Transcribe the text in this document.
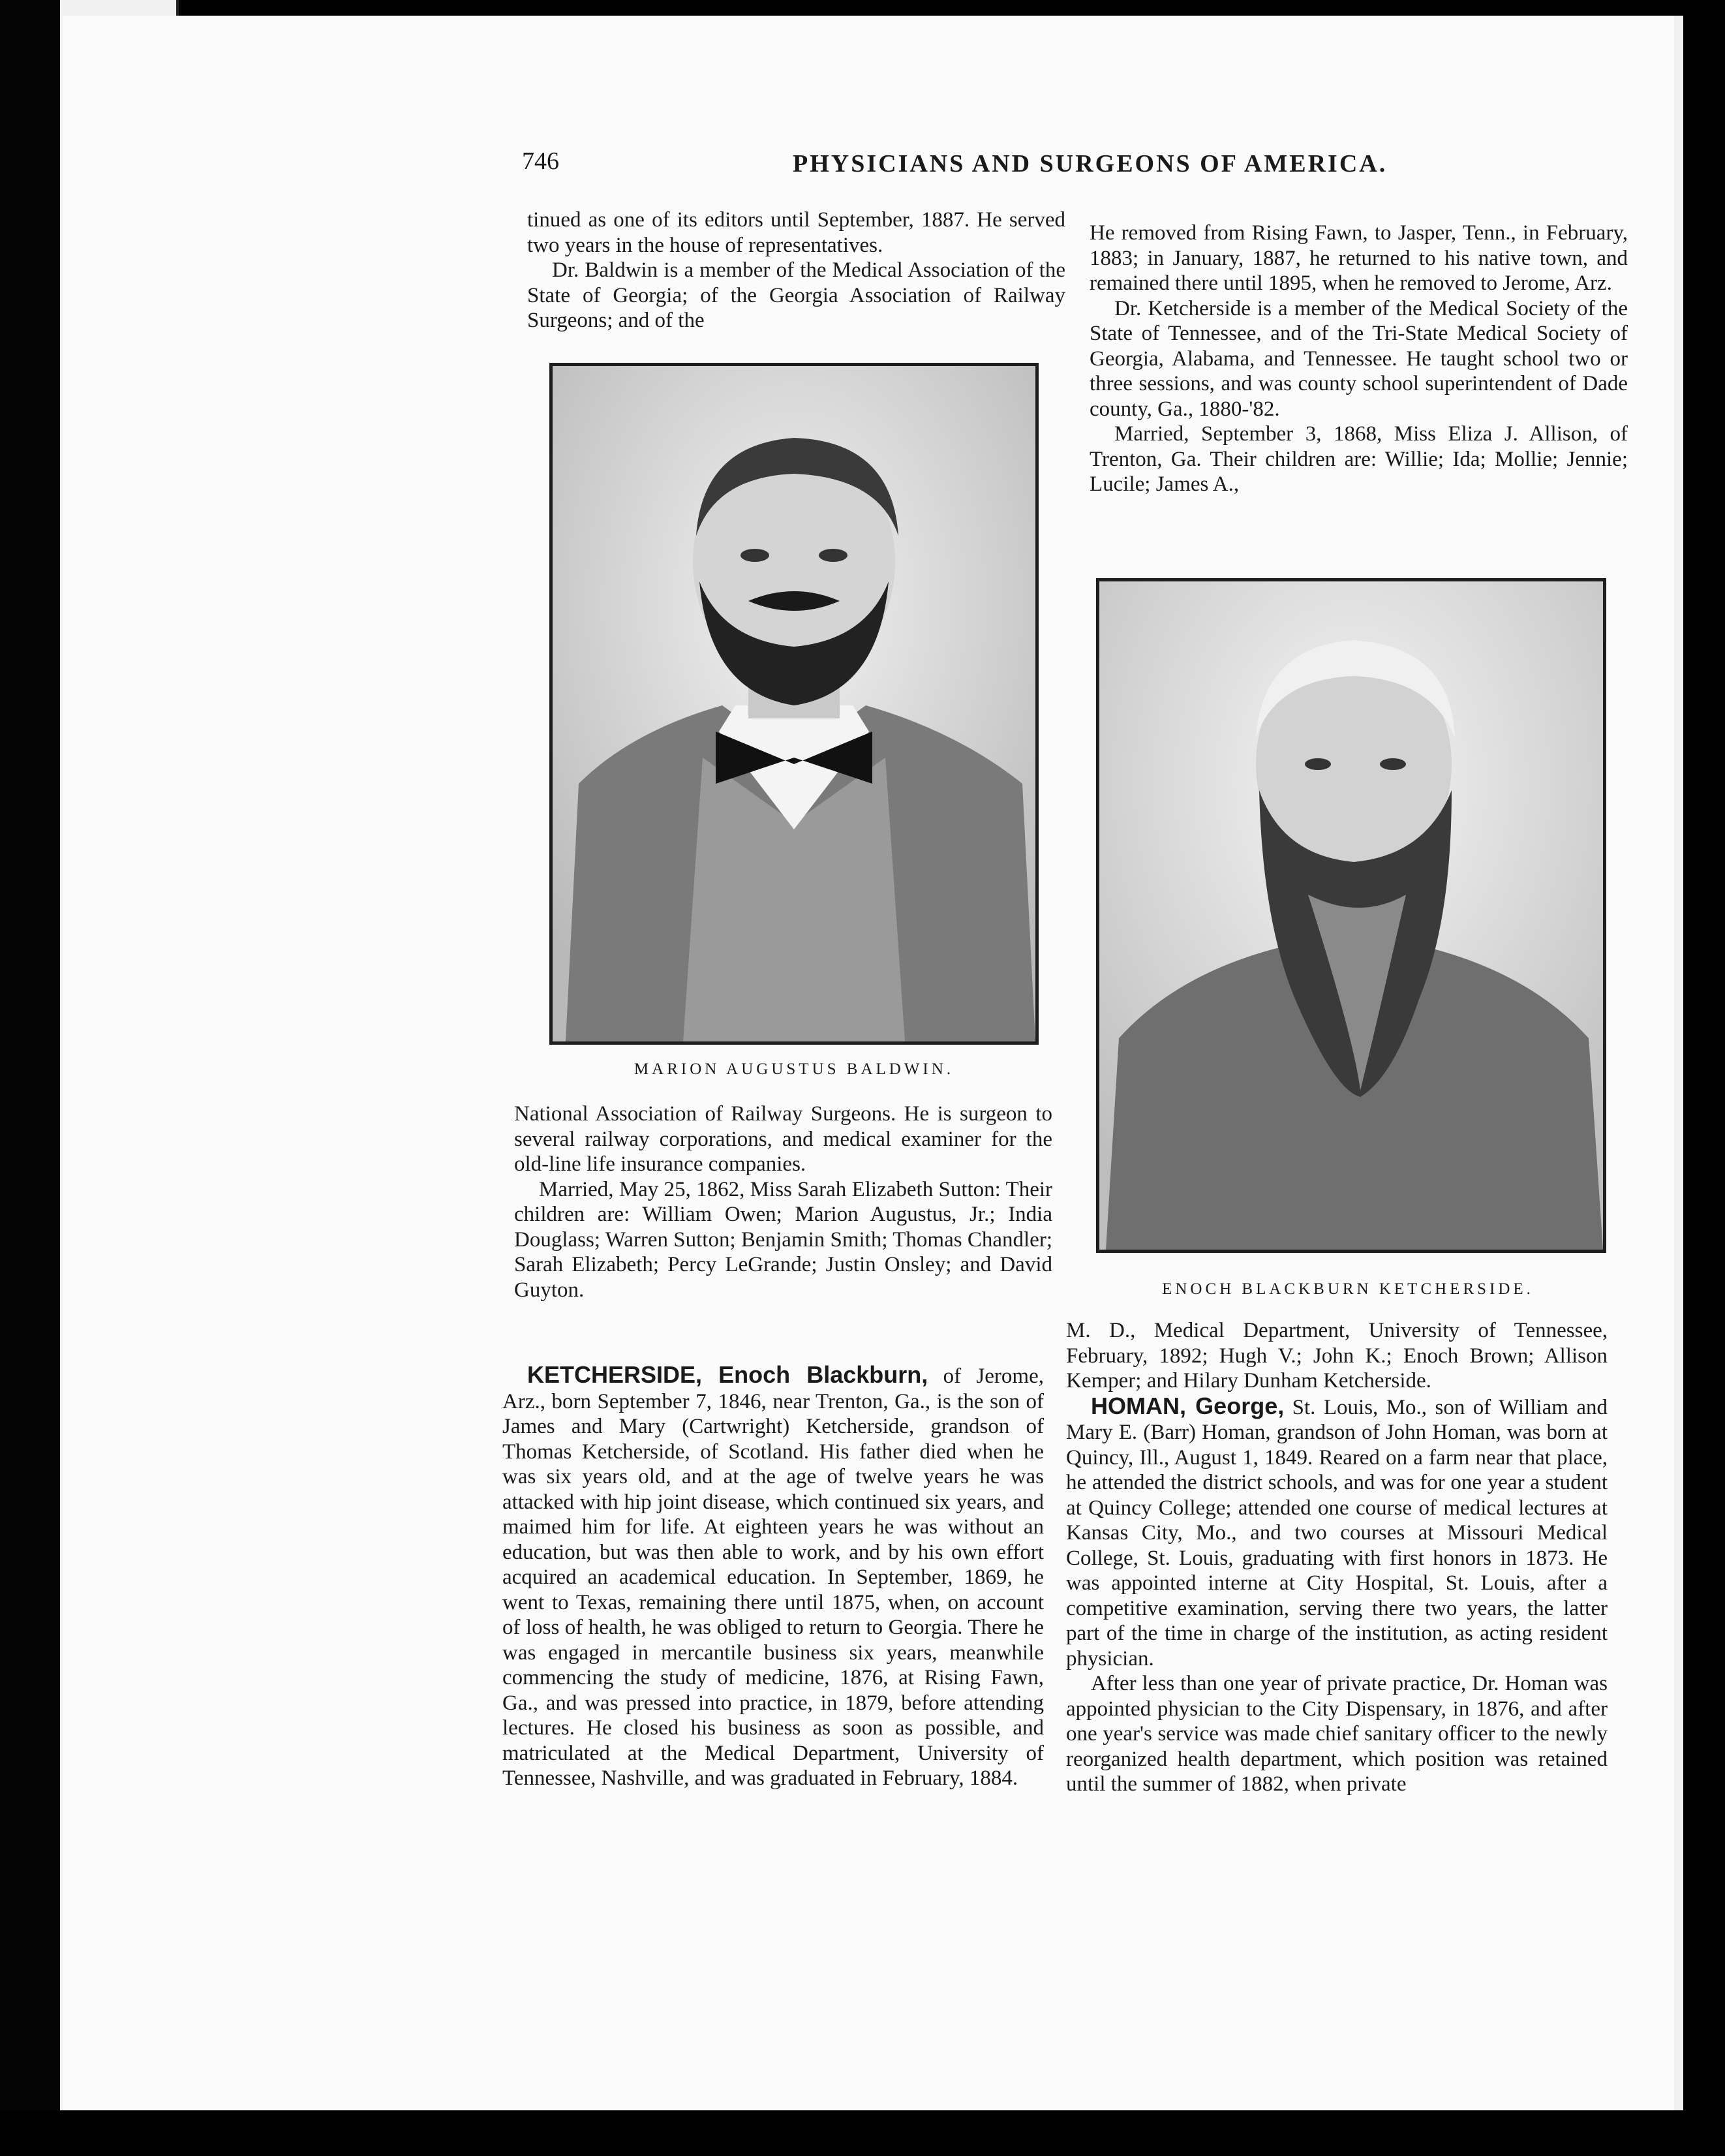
746	PHYSICIANS AND SURGEONS OF AMERICA.

tinued as one of its editors until September, 1887. He served two years in the house of representatives.

Dr. Baldwin is a member of the Medical Association of the State of Georgia; of the Georgia Association of Railway Surgeons; and of the

MARION AUGUSTUS BALDWIN.

National Association of Railway Surgeons. He is surgeon to several railway corporations, and medical examiner for the old-line life insurance companies.

Married, May 25, 1862, Miss Sarah Elizabeth Sutton: Their children are: William Owen; Marion Augustus, Jr.; India Douglass; Warren Sutton; Benjamin Smith; Thomas Chandler; Sarah Elizabeth; Percy LeGrande; Justin Onsley; and David Guyton.

KETCHERSIDE, Enoch Blackburn, of Jerome, Arz., born September 7, 1846, near Trenton, Ga., is the son of James and Mary (Cartwright) Ketcherside, grandson of Thomas Ketcherside, of Scotland. His father died when he was six years old, and at the age of twelve years he was attacked with hip joint disease, which continued six years, and maimed him for life. At eighteen years he was without an education, but was then able to work, and by his own effort acquired an academical education. In September, 1869, he went to Texas, remaining there until 1875, when, on account of loss of health, he was obliged to return to Georgia. There he was engaged in mercantile business six years, meanwhile commencing the study of medicine, 1876, at Rising Fawn, Ga., and was pressed into practice, in 1879, before attending lectures. He closed his business as soon as possible, and matriculated at the Medical Department, University of Tennessee, Nashville, and was graduated in February, 1884.

He removed from Rising Fawn, to Jasper, Tenn., in February, 1883; in January, 1887, he returned to his native town, and remained there until 1895, when he removed to Jerome, Arz.

Dr. Ketcherside is a member of the Medical Society of the State of Tennessee, and of the Tri-State Medical Society of Georgia, Alabama, and Tennessee. He taught school two or three sessions, and was county school superintendent of Dade county, Ga., 1880-'82.

Married, September 3, 1868, Miss Eliza J. Allison, of Trenton, Ga. Their children are: Willie; Ida; Mollie; Jennie; Lucile; James A.,

ENOCH BLACKBURN KETCHERSIDE.

M. D., Medical Department, University of Tennessee, February, 1892; Hugh V.; John K.; Enoch Brown; Allison Kemper; and Hilary Dunham Ketcherside.

HOMAN, George, St. Louis, Mo., son of William and Mary E. (Barr) Homan, grandson of John Homan, was born at Quincy, Ill., August 1, 1849. Reared on a farm near that place, he attended the district schools, and was for one year a student at Quincy College; attended one course of medical lectures at Kansas City, Mo., and two courses at Missouri Medical College, St. Louis, graduating with first honors in 1873. He was appointed interne at City Hospital, St. Louis, after a competitive examination, serving there two years, the latter part of the time in charge of the institution, as acting resident physician.

After less than one year of private practice, Dr. Homan was appointed physician to the City Dispensary, in 1876, and after one year's service was made chief sanitary officer to the newly reorganized health department, which position was retained until the summer of 1882, when private
